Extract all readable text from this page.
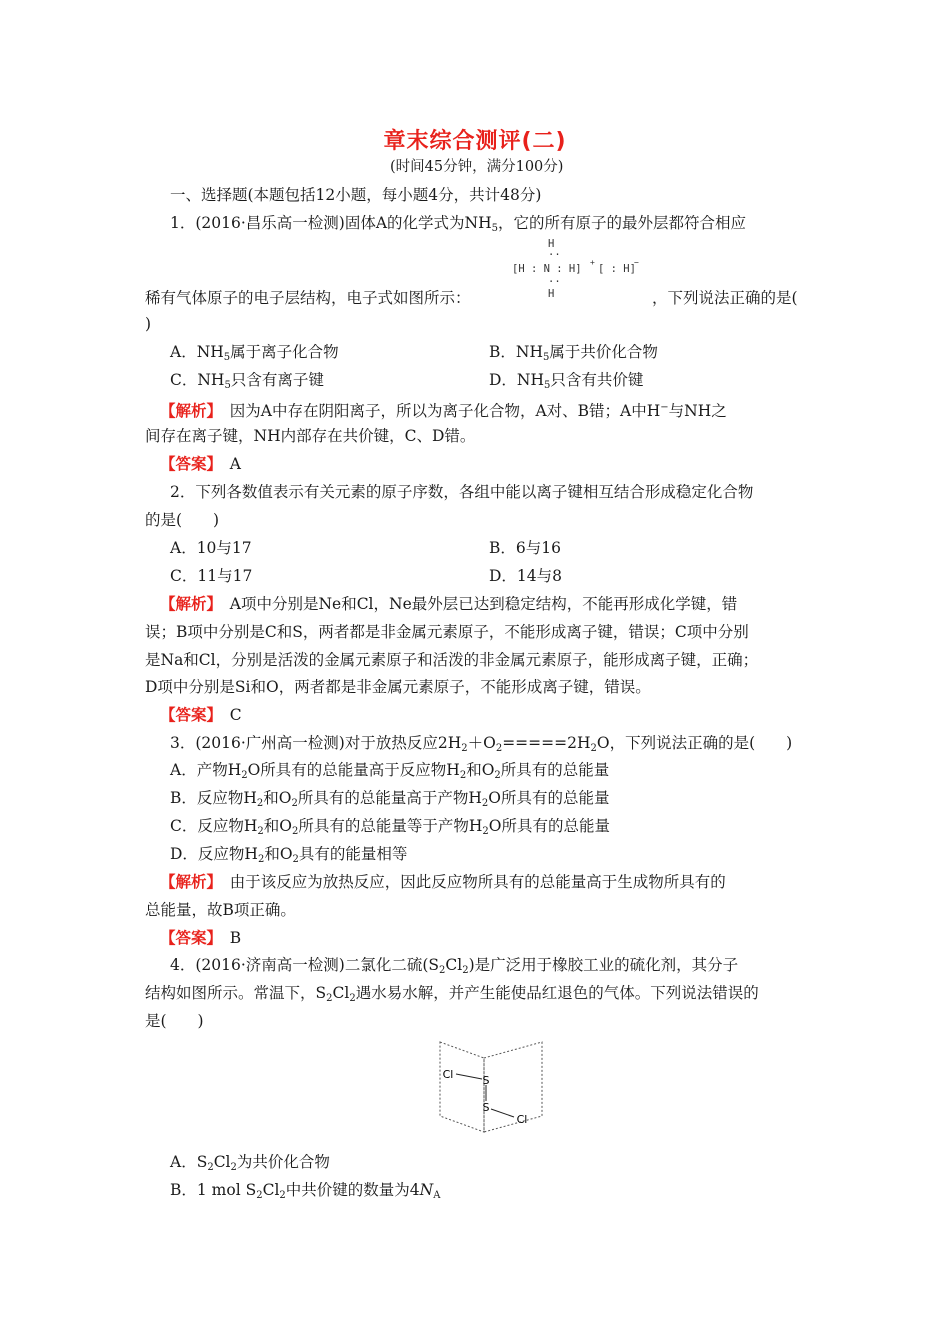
章末综合测评(二)
(时间45分钟，满分100分)
一、选择题(本题包括12小题，每小题4分，共计48分)
1．(2016·昌乐高一检测)固体A的化学式为$NH_5$，它的所有原子的最外层都符合相应
H
··
[H : N : H]
+
[ : H]
−
··
H
稀有气体原子的电子层结构，电子式如图所示：	，下列说法正确的是(
)
A．$NH_5$属于离子化合物	B．$NH_5$属于共价化合物
C．$NH_5$只含有离子键	D．$NH_5$只含有共价键
【解析】　因为A中存在阴阳离子，所以为离子化合物，A对、B错；A中H−与NH之
间存在离子键，NH内部存在共价键，C、D错。
【答案】　 A
2．下列各数值表示有关元素的原子序数，各组中能以离子键相互结合形成稳定化合物
的是(　　)
A．10与17	B．6与16
C．11与17	D．14与8
【解析】　A项中分别是Ne和Cl，Ne最外层已达到稳定结构，不能再形成化学键，错
误；B项中分别是C和S，两者都是非金属元素原子，不能形成离子键，错误；C项中分别
是Na和Cl，分别是活泼的金属元素原子和活泼的非金属元素原子，能形成离子键，正确；
D项中分别是Si和O，两者都是非金属元素原子，不能形成离子键，错误。
【答案】　 C
3．(2016·广州高一检测)对于放热反应$2H_2+O_2=====2H_2O$，下列说法正确的是(　　)
A．产物$H_2O$所具有的总能量高于反应物$H_2$和$O_2$所具有的总能量
B．反应物$H_2$和$O_2$所具有的总能量高于产物$H_2O$所具有的总能量
C．反应物$H_2$和$O_2$所具有的总能量等于产物$H_2O$所具有的总能量
D．反应物$H_2$和$O_2$具有的能量相等
【解析】　由于该反应为放热反应，因此反应物所具有的总能量高于生成物所具有的
总能量，故B项正确。
【答案】　 B
4．(2016·济南高一检测)二氯化二硫$(S_2Cl_2)$是广泛用于橡胶工业的硫化剂，其分子
结构如图所示。常温下，$S_2Cl_2$遇水易水解，并产生能使品红退色的气体。下列说法错误的
是(　　)
Cl	S
S
Cl
A．$S_2Cl_2$为共价化合物
B．1 mol $S_2Cl_2$中共价键的数量为$4N_A$
